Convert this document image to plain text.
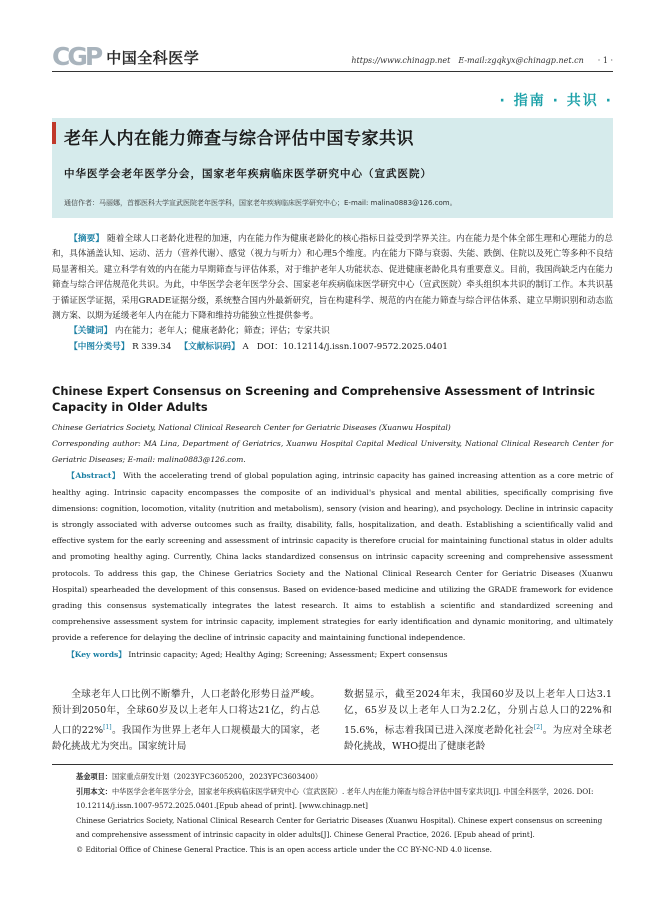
CGP 中国全科医学	https://www.chinagp.net E-mail:zgqkyx@chinagp.net.cn · 1 ·
· 指南 · 共识 ·
老年人内在能力筛查与综合评估中国专家共识
中华医学会老年医学分会，国家老年疾病临床医学研究中心（宣武医院）
通信作者：马丽娜，首都医科大学宣武医院老年医学科，国家老年疾病临床医学研究中心；E-mail: malina0883@126.com。

【摘要】 随着全球人口老龄化进程的加速，内在能力作为健康老龄化的核心指标日益受到学界关注。内在能力是个体全部生理和心理能力的总和，具体涵盖认知、运动、活力（营养代谢）、感觉（视力与听力）和心理5个维度。内在能力下降与衰弱、失能、跌倒、住院以及死亡等多种不良结局显著相关。建立科学有效的内在能力早期筛查与评估体系，对于维护老年人功能状态、促进健康老龄化具有重要意义。目前，我国尚缺乏内在能力筛查与综合评估规范化共识。为此，中华医学会老年医学分会、国家老年疾病临床医学研究中心（宣武医院）牵头组织本共识的制订工作。本共识基于循证医学证据，采用GRADE证据分级，系统整合国内外最新研究，旨在构建科学、规范的内在能力筛查与综合评估体系、建立早期识别和动态监测方案、以期为延缓老年人内在能力下降和维持功能独立性提供参考。

【关键词】 内在能力；老年人；健康老龄化；筛查；评估；专家共识
【中图分类号】 R 339.34 【文献标识码】 A DOI：10.12114/j.issn.1007-9572.2025.0401
Chinese Expert Consensus on Screening and Comprehensive Assessment of Intrinsic Capacity in Older Adults
Chinese Geriatrics Society, National Clinical Research Center for Geriatric Diseases (Xuanwu Hospital)
Corresponding author: MA Lina, Department of Geriatrics, Xuanwu Hospital Capital Medical University, National Clinical Research Center for Geriatric Diseases; E-mail: malina0883@126.com.

【Abstract】 With the accelerating trend of global population aging, intrinsic capacity has gained increasing attention as a core metric of healthy aging. Intrinsic capacity encompasses the composite of an individual's physical and mental abilities, specifically comprising five dimensions: cognition, locomotion, vitality (nutrition and metabolism), sensory (vision and hearing), and psychology. Decline in intrinsic capacity is strongly associated with adverse outcomes such as frailty, disability, falls, hospitalization, and death. Establishing a scientifically valid and effective system for the early screening and assessment of intrinsic capacity is therefore crucial for maintaining functional status in older adults and promoting healthy aging. Currently, China lacks standardized consensus on intrinsic capacity screening and comprehensive assessment protocols. To address this gap, the Chinese Geriatrics Society and the National Clinical Research Center for Geriatric Diseases (Xuanwu Hospital) spearheaded the development of this consensus. Based on evidence-based medicine and utilizing the GRADE framework for evidence grading this consensus systematically integrates the latest research. It aims to establish a scientific and standardized screening and comprehensive assessment system for intrinsic capacity, implement strategies for early identification and dynamic monitoring, and ultimately provide a reference for delaying the decline of intrinsic capacity and maintaining functional independence.

【Key words】 Intrinsic capacity; Aged; Healthy Aging; Screening; Assessment; Expert consensus

全球老年人口比例不断攀升，人口老龄化形势日益严峻。预计到2050年，全球60岁及以上老年人口将达21亿，约占总人口的22%[1]。我国作为世界上老年人口规模最大的国家，老龄化挑战尤为突出。国家统计局

数据显示，截至2024年末，我国60岁及以上老年人口达3.1亿，65岁及以上老年人口为2.2亿，分别占总人口的22%和15.6%，标志着我国已进入深度老龄化社会[2]。为应对全球老龄化挑战，WHO提出了健康老龄

基金项目：国家重点研发计划（2023YFC3605200，2023YFC3603400）
引用本文：中华医学会老年医学分会，国家老年疾病临床医学研究中心（宣武医院）. 老年人内在能力筛查与综合评估中国专家共识[J]. 中国全科医学，2026. DOI: 10.12114/j.issn.1007-9572.2025.0401.[Epub ahead of print]. [www.chinagp.net]
Chinese Geriatrics Society, National Clinical Research Center for Geriatric Diseases (Xuanwu Hospital). Chinese expert consensus on screening and comprehensive assessment of intrinsic capacity in older adults[J]. Chinese General Practice, 2026. [Epub ahead of print].
© Editorial Office of Chinese General Practice. This is an open access article under the CC BY-NC-ND 4.0 license.
